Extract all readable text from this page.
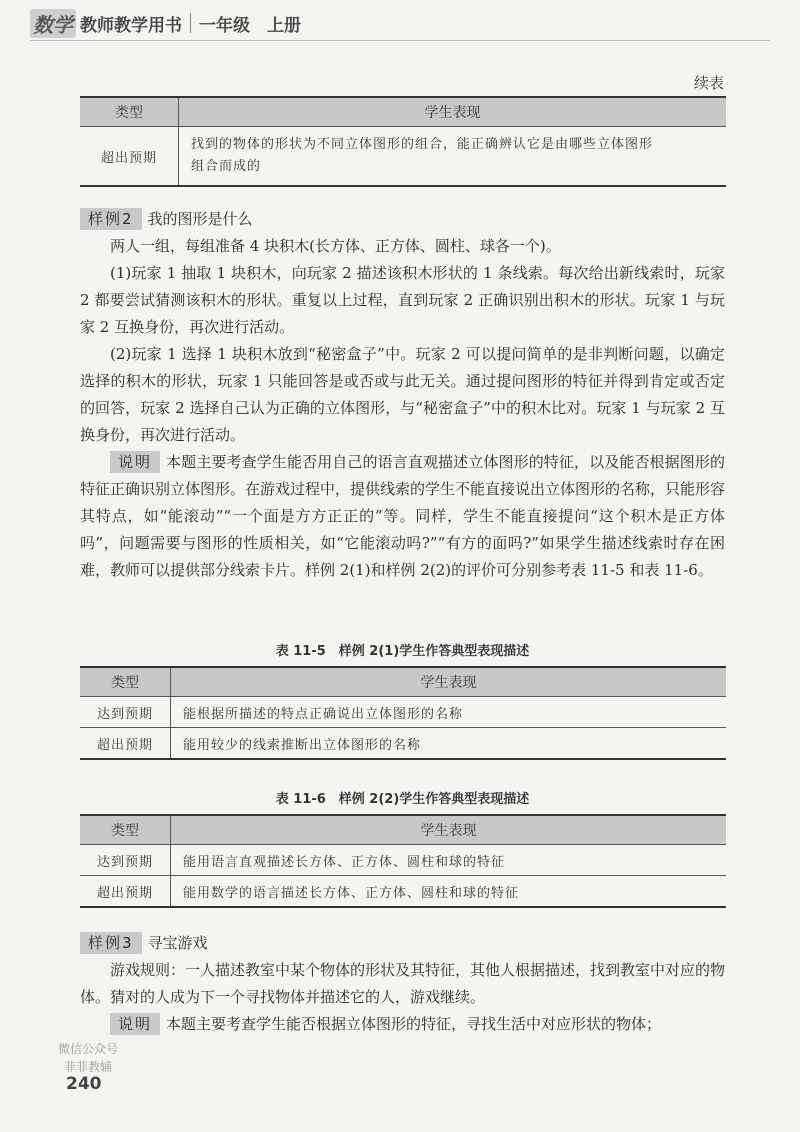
数学 教师教学用书 一年级　上册
续表
类型	学生表现
超出预期	找到的物体的形状为不同立体图形的组合，能正确辨认它是由哪些立体图形
组合而成的

样例2 我的图形是什么

两人一组，每组准备 4 块积木(长方体、正方体、圆柱、球各一个)。

(1)玩家 1 抽取 1 块积木，向玩家 2 描述该积木形状的 1 条线索。每次给出新线索时，玩家 2 都要尝试猜测该积木的形状。重复以上过程，直到玩家 2 正确识别出积木的形状。玩家 1 与玩家 2 互换身份，再次进行活动。

(2)玩家 1 选择 1 块积木放到“秘密盒子”中。玩家 2 可以提问简单的是非判断问题，以确定选择的积木的形状，玩家 1 只能回答是或否或与此无关。通过提问图形的特征并得到肯定或否定的回答，玩家 2 选择自己认为正确的立体图形，与“秘密盒子”中的积木比对。玩家 1 与玩家 2 互换身份，再次进行活动。

说明 本题主要考查学生能否用自己的语言直观描述立体图形的特征，以及能否根据图形的特征正确识别立体图形。在游戏过程中，提供线索的学生不能直接说出立体图形的名称，只能形容其特点，如“能滚动”“一个面是方方正正的”等。同样，学生不能直接提问“这个积木是正方体吗”，问题需要与图形的性质相关，如“它能滚动吗?”“有方的面吗?”如果学生描述线索时存在困难，教师可以提供部分线索卡片。样例 2(1)和样例 2(2)的评价可分别参考表 11-5 和表 11-6。

表 11-5　样例 2(1)学生作答典型表现描述
类型	学生表现
达到预期	能根据所描述的特点正确说出立体图形的名称
超出预期	能用较少的线索推断出立体图形的名称
表 11-6　样例 2(2)学生作答典型表现描述
类型	学生表现
达到预期	能用语言直观描述长方体、正方体、圆柱和球的特征
超出预期	能用数学的语言描述长方体、正方体、圆柱和球的特征

样例3 寻宝游戏

游戏规则：一人描述教室中某个物体的形状及其特征，其他人根据描述，找到教室中对应的物体。猜对的人成为下一个寻找物体并描述它的人，游戏继续。

说明 本题主要考查学生能否根据立体图形的特征，寻找生活中对应形状的物体；

微信公众号
菲菲教辅
240
